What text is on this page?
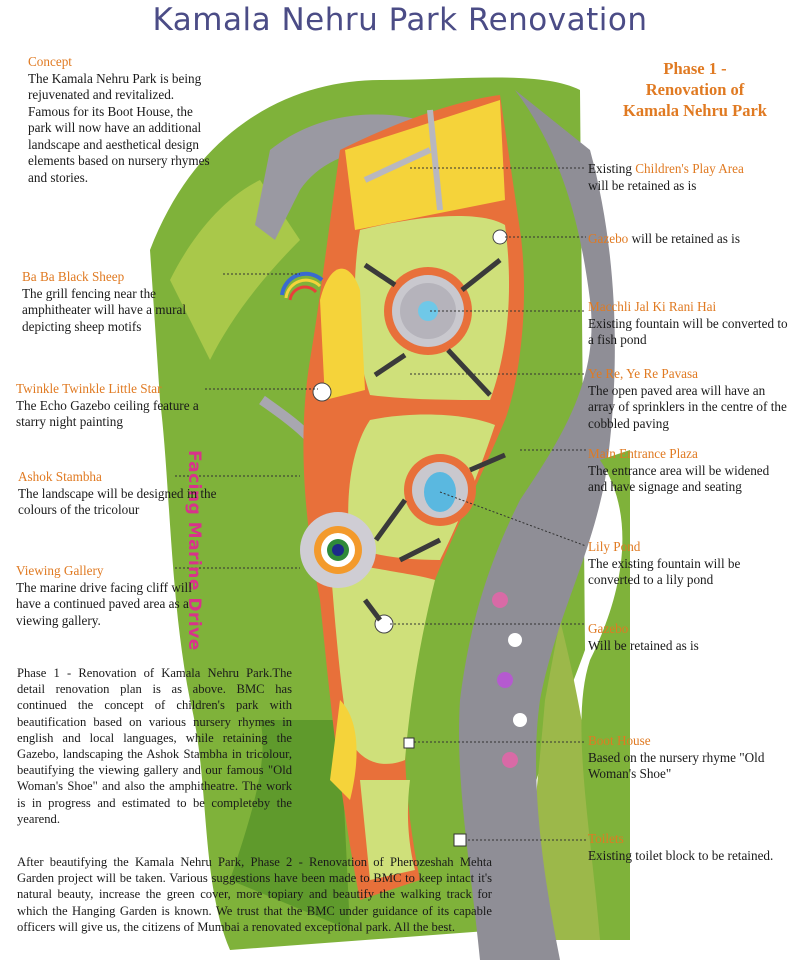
Kamala Nehru Park Renovation
Phase 1 -
Renovation of
Kamala Nehru Park
Facing Marine Drive
Concept
The Kamala Nehru Park is being rejuvenated and revitalized. Famous for its Boot House, the park will now have an additional landscape and aesthetical design elements based on nursery rhymes and stories.
Ba Ba Black Sheep
The grill fencing near the amphitheater will have a mural depicting sheep motifs
Twinkle Twinkle Little Star
The Echo Gazebo ceiling feature a starry night painting
Ashok Stambha
The landscape will be designed in the colours of the tricolour
Viewing Gallery
The marine drive facing cliff will have a continued paved area as a viewing gallery.
Existing Children's Play Area
will be retained as is
Gazebo will be retained as is
Macchli Jal Ki Rani Hai
Existing fountain will be converted to a fish pond
Ye Re, Ye Re Pavasa
The open paved area will have an array of sprinklers in the centre of the cobbled paving
Main Entrance Plaza
The entrance area will be widened and have signage and seating
Lily Pond
The existing fountain will be converted to a lily pond
Gazebo
Will be retained as is
Boot House
Based on the nursery rhyme "Old Woman's Shoe"
Toilets
Existing toilet block to be retained.
Phase 1 - Renovation of Kamala Nehru Park.The detail renovation plan is as above. BMC has continued the concept of children's park with beautification based on various nursery rhymes in english and local languages, while retaining the Gazebo, landscaping the Ashok Stambha in tricolour, beautifying the viewing gallery and our famous "Old Woman's Shoe" and also the amphitheatre. The work is in progress and estimated to be completeby the yearend.
After beautifying the Kamala Nehru Park, Phase 2 - Renovation of Pherozeshah Mehta Garden project will be taken. Various suggestions have been made to BMC to keep intact it's natural beauty, increase the green cover, more topiary and beautify the walking track for which the Hanging Garden is known. We trust that the BMC under guidance of its capable officers will give us, the citizens of Mumbai a renovated exceptional park. All the best.
